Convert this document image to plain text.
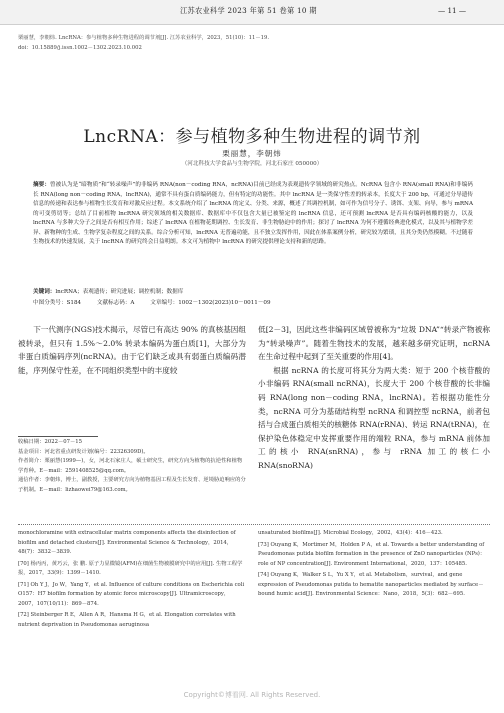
江苏农业科学 2023 年第 51 卷第 10 期	— 11 —
栗丽慧，李朝炜. LncRNA：参与植物多种生物进程的调节剂[J]. 江苏农业科学，2023，51(10)：11－19.
doi：10.15889/j.issn.1002－1302.2023.10.002
LncRNA：参与植物多种生物进程的调节剂
栗丽慧，李朝炜
（河北科技大学食品与生物学院，河北石家庄 050000）
摘要：曾被认为是“暗物质”和“转录噪声”的非编码 RNA(non－coding RNA，ncRNA)目前已经成为表观遗传学领域的研究热点。NcRNA 包含小 RNA(small RNA)和非编码长 RNA(long non－coding RNA，lncRNA)，通常不具有蛋白质编码能力，但有特定的功能性。其中 lncRNA 是一类保守性差的转录本，长度大于 200 bp，可通过分导遗传信息的传递和表达参与植物生长发育和对激反应过程。本文系统介绍了 lncRNA 的定义、分类、来源，概述了其调控机制，如可作为信号分子、诱饵、支架、向导，参与 mRNA 的可变剪切等；总结了目前植物 lncRNA 研究领域的相关数据库、数据库中不仅包含大量已被鉴定的 lncRNA 信息，还可预测 lncRNA 是否具有编码核酸的能力，以及 lncRNA 与多种大分子之间是否有相互作用；综述了 lncRNA 在植物花期调控、生长发育、非生物胁迫中的作用；探讨了 lncRNA 为何不遵循经典进化模式，以及其与植物学差异、新物种的生成、生物学复杂程度之间的关系。综合分析可知，lncRNA 无普遍功能，且不独立发挥作用，因此在体系案例分析，研究较为繁琐，且其分类仍然模糊。不过随着生物技术的快速发展，关于 lncRNA 的研究终会日益明朗。本文可为植物中 lncRNA 的研究提供理论支持和新的思路。
关键词：lncRNA；表观遗传；研究进展；调控机制；数据库
中图分类号：S184	文献标志码：A	文章编号：1002－1302(2023)10－0011－09

下一代测序(NGS)技术揭示，尽管已有高达 90% 的真核基因组被转录，但只有 1.5%～2.0% 转录本编码为蛋白质[1]，大部分为非蛋白质编码序列(ncRNA)。由于它们缺乏或具有弱蛋白质编码潜能，序列保守性差，在不同组织类型中的丰度较

低[2－3]，因此这些非编码区域曾被称为“垃圾 DNA”“转录产物被称为“转录噪声”。随着生物技术的发展，越来越多研究证明，ncRNA 在生命过程中起到了至关重要的作用[4]。

根据 ncRNA 的长度可将其分为两大类：短于 200 个核苷酸的小非编码 RNA(small ncRNA)，长度大于 200 个核苷酸的长非编码 RNA(long non－coding RNA，lncRNA)。若根据功能性分类，ncRNA 可分为基础结构型 ncRNA 和调控型 ncRNA，前者包括与合成蛋白质相关的核糖体 RNA(rRNA)、转运 RNA(tRNA)，在保护染色体稳定中发挥重要作用的端粒 RNA，参与 mRNA 前体加工的核小 RNA(snRNA)，参与 rRNA 加工的核仁小 RNA(snoRNA)

收稿日期：2022－07－15
基金项目：河北省重点研发计划(编号：22326309D)。
作者简介：栗丽慧(1999—)，女，河北石家庄人，硕士研究生，研究方向为植物的抗逆性和植物学育种。E－mail：2591408525@qq.com。
通信作者：李朝炜，博士，副教授，主要研究方向为植物基因工程及生长发育、逆境胁迫响应的分子机制。E－mail：lizhaowei79@163.com。
monochloramine with extracellular matrix components affects the disinfection of biofilm and detached clusters[J]. Environmental Science & Technology，2014，48(7)：3832－3839.
[70] 杨丙丙，黄巧云，张 鹏. 原子力显微镜(AFM)在细菌生物被膜研究中的应用[J]. 生物工程学报，2017，33(9)：1399－1410.
[71] Oh Y J，Jo W，Yang Y，et al. Influence of culture conditions on Escherichia coli O157：H7 biofilm formation by atomic force microscopy[J]. Ultramicroscopy，2007，107(10/11)：869－874.
[72] Steinberger R E，Allen A R，Hansma H G，et al. Elongation correlates with nutrient deprivation in Pseudomonas aeruginosa
unsaturated biofilms[J]. Microbial Ecology，2002，43(4)：416－423.
[73] Ouyang K，Mortimer M，Holden P A，et al. Towards a better understanding of Pseudomonas putida biofilm formation in the presence of ZnO nanoparticles (NPs)：role of NP concentration[J]. Environment International，2020，137：105485.
[74] Ouyang K，Walker S L，Yu X Y，et al. Metabolism，survival，and gene expression of Pseudomonas putida to hematite nanoparticles mediated by surface－bound humic acid[J]. Environmental Science：Nano，2018，5(3)：682－695.
Copyright©博看网. All Rights Reserved.
